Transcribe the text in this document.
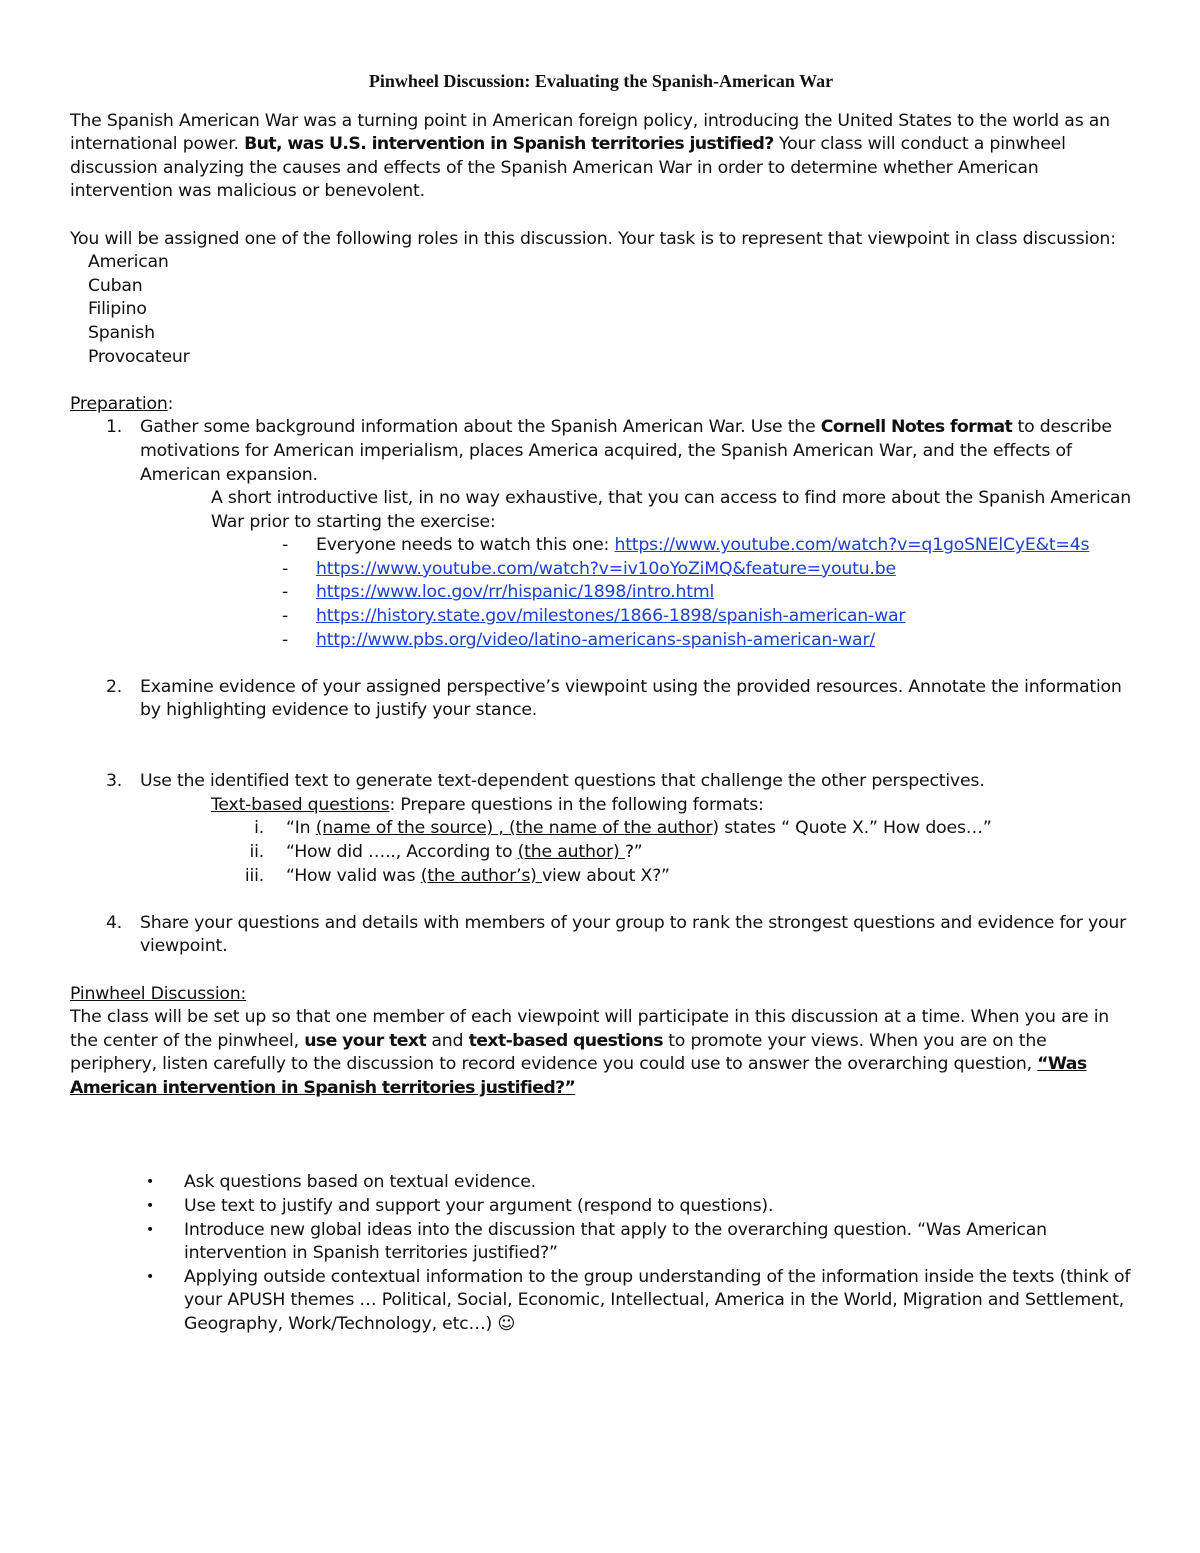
Pinwheel Discussion: Evaluating the Spanish-American War

The Spanish American War was a turning point in American foreign policy, introducing the United States to the world as an international power. But, was U.S. intervention in Spanish territories justified? Your class will conduct a pinwheel discussion analyzing the causes and effects of the Spanish American War in order to determine whether American intervention was malicious or benevolent.

You will be assigned one of the following roles in this discussion. Your task is to represent that viewpoint in class discussion:

American
Cuban
Filipino
Spanish
Provocateur

Preparation:

1. Gather some background information about the Spanish American War. Use the Cornell Notes format to describe motivations for American imperialism, places America acquired, the Spanish American War, and the effects of American expansion.

A short introductive list, in no way exhaustive, that you can access to find more about the Spanish American War prior to starting the exercise:

- Everyone needs to watch this one: https://www.youtube.com/watch?v=q1goSNElCyE&t=4s
- https://www.youtube.com/watch?v=iv10oYoZiMQ&feature=youtu.be
- https://www.loc.gov/rr/hispanic/1898/intro.html
- https://history.state.gov/milestones/1866-1898/spanish-american-war
- http://www.pbs.org/video/latino-americans-spanish-american-war/
2. Examine evidence of your assigned perspective’s viewpoint using the provided resources. Annotate the information by highlighting evidence to justify your stance.
3. Use the identified text to generate text-dependent questions that challenge the other perspectives.

Text-based questions: Prepare questions in the following formats:

i. “In (name of the source) , (the name of the author) states “ Quote X.” How does…”
ii. “How did ….., According to (the author) ?”
iii. “How valid was (the author’s) view about X?”
4. Share your questions and details with members of your group to rank the strongest questions and evidence for your viewpoint.

Pinwheel Discussion:

The class will be set up so that one member of each viewpoint will participate in this discussion at a time. When you are in the center of the pinwheel, use your text and text-based questions to promote your views. When you are on the periphery, listen carefully to the discussion to record evidence you could use to answer the overarching question, “Was American intervention in Spanish territories justified?”

• Ask questions based on textual evidence.
• Use text to justify and support your argument (respond to questions).
• Introduce new global ideas into the discussion that apply to the overarching question. “Was American intervention in Spanish territories justified?”
• Applying outside contextual information to the group understanding of the information inside the texts (think of your APUSH themes … Political, Social, Economic, Intellectual, America in the World, Migration and Settlement, Geography, Work/Technology, etc…) ☺
